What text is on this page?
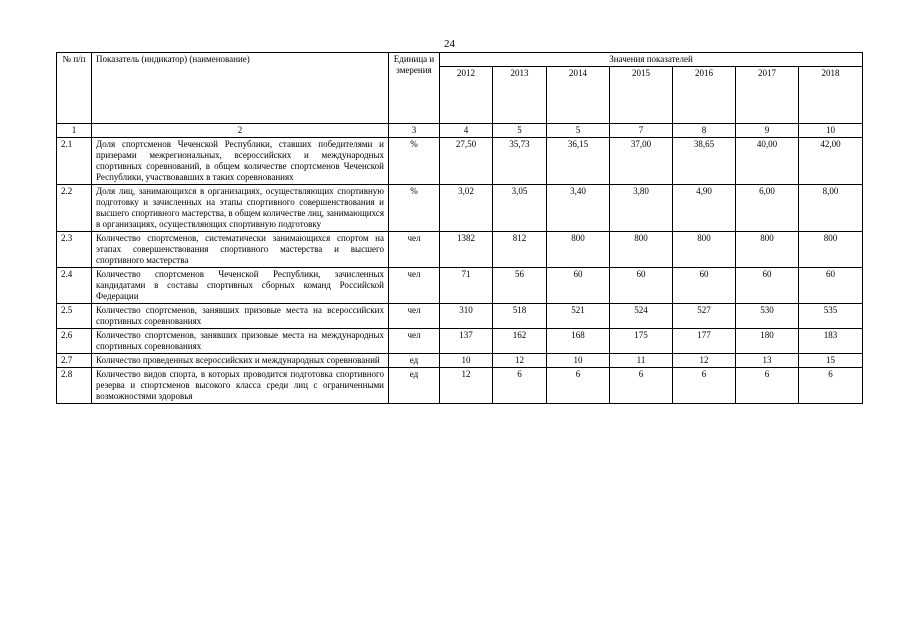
24
№ п/п	Показатель (индикатор) (наименование)	Единица измерения	Значения показателей						
			2012	2013	2014	2015	2016	2017	2018
1	2	3	4	5	5	7	8	9	10
2.1	Доля спортсменов Чеченской Республики, ставших победителями и призерами межрегиональных, всероссийских и международных спортивных соревнований, в общем количестве спортсменов Чеченской Республики, участвовавших в таких соревнованиях	%	27,50	35,73	36,15	37,00	38,65	40,00	42,00
2.2	Доля лиц, занимающихся в организациях, осуществляющих спортивную подготовку и зачисленных на этапы спортивного совершенствования и высшего спортивного мастерства, в общем количестве лиц, занимающихся в организациях, осуществляющих спортивную подготовку	%	3,02	3,05	3,40	3,80	4,90	6,00	8,00
2.3	Количество спортсменов, систематически занимающихся спортом на этапах совершенствования спортивного мастерства и высшего спортивного мастерства	чел	1382	812	800	800	800	800	800
2.4	Количество спортсменов Чеченской Республики, зачисленных кандидатами в составы спортивных сборных команд Российской Федерации	чел	71	56	60	60	60	60	60
2.5	Количество спортсменов, занявших призовые места на всероссийских спортивных соревнованиях	чел	310	518	521	524	527	530	535
2.6	Количество спортсменов, занявших призовые места на международных спортивных соревнованиях	чел	137	162	168	175	177	180	183
2.7	Количество проведенных всероссийских и международных соревнований	ед	10	12	10	11	12	13	15
2.8	Количество видов спорта, в которых проводится подготовка спортивного резерва и спортсменов высокого класса среди лиц с ограниченными возможностями здоровья	ед	12	6	6	6	6	6	6
